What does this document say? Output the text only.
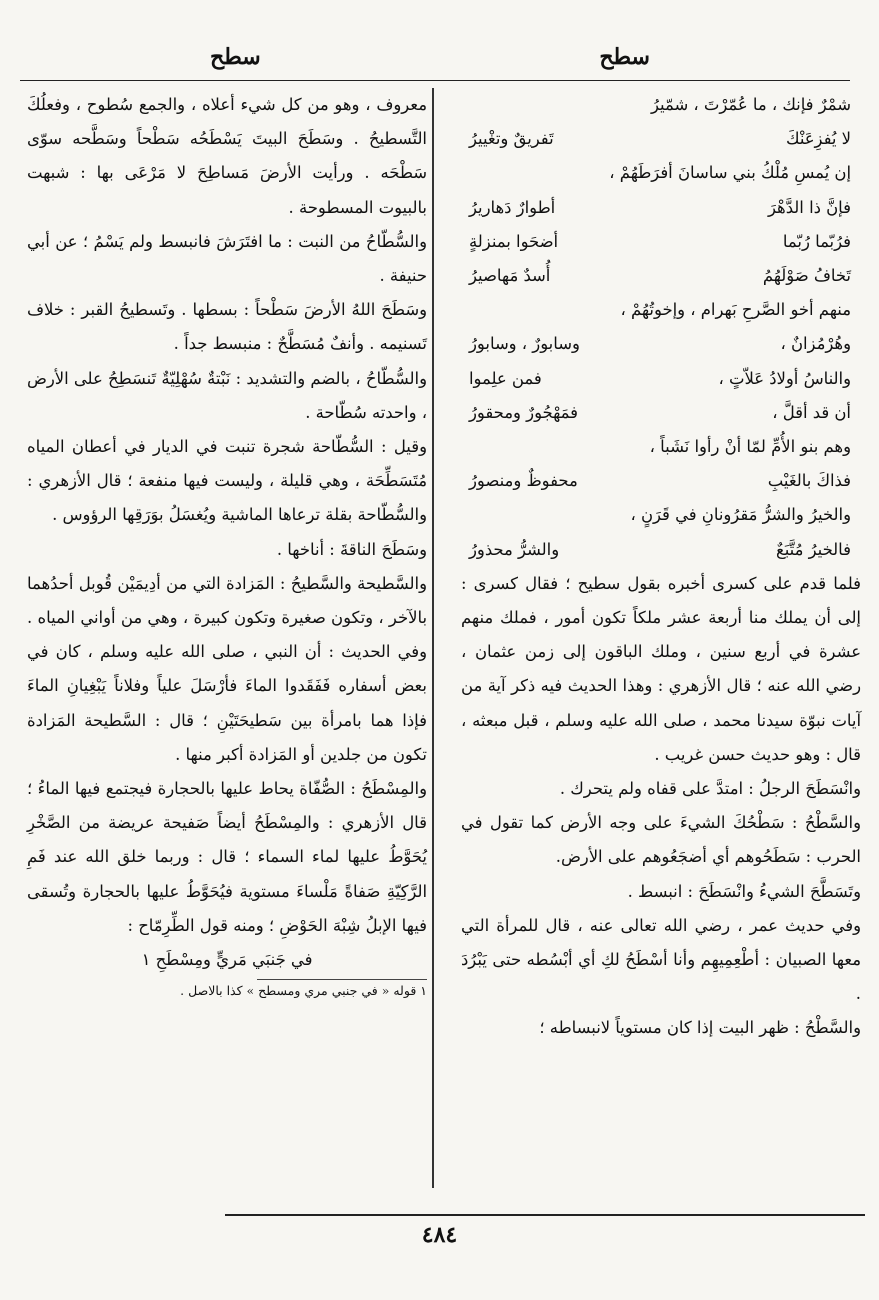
سطح
سطح
شمْرٌ فإنك ، ما عُمّرْتَ ، شمّيرُ
لا يُفزِعَنْكَ
تَفريقٌ وتغْييرُ
إن يُمسِ مُلْكُ بني ساسانَ أفرَطَهُمْ ،
فإنَّ ذا الدَّهْرَ
أطوارٌ دَهاريرُ
فرُبّما رُبّما
أضحَوا بمنزلةٍ
تَخافُ صَوْلَهُمُ
أُسدٌ مَهاصيرُ
منهم أخو الصَّرحِ بَهرام ، وإخوتُهُمْ ،
وهُرْمُزانٌ ،
وسابورٌ ، وسابورُ
والناسُ أولادُ عَلاّتٍ ،
فمن علِموا
أن قد أقلَّ ،
فمَهْجُورٌ ومحقورُ
وهم بنو الأُمِّ لمّا أنْ رأوا نَشَباً ،
فذاكَ بالغَيْبِ
محفوظٌ ومنصورُ
والخيرُ والشرُّ مَقرُونانِ في قَرَنٍ ،
فالخيرُ مُتَّبَعٌ
والشرُّ محذورُ

فلما قدم على كسرى أخبره بقول سطيح ؛ فقال كسرى : إلى أن يملك منا أربعة عشر ملكاً تكون أمور ، فملك منهم عشرة في أربع سنين ، وملك الباقون إلى زمن عثمان ، رضي الله عنه ؛ قال الأزهري : وهذا الحديث فيه ذكر آية من آيات نبوّة سيدنا محمد ، صلى الله عليه وسلم ، قبل مبعثه ، قال : وهو حديث حسن غريب .

وانْسَطَحَ الرجلُ : امتدَّ على قفاه ولم يتحرك .

والسَّطْحُ : سَطْحُكَ الشيءَ على وجه الأرض كما تقول في الحرب : سَطَحُوهم أي أضجَعُوهم على الأرض.

وتَسَطَّحَ الشيءُ وانْسَطَحَ : انبسط .

وفي حديث عمر ، رضي الله تعالى عنه ، قال للمرأة التي معها الصبيان : أطْعِمِيهِم وأنا أسْطَحُ لكِ أي أبْسُطه حتى يَبْرُدَ .

والسَّطْحُ : ظهر البيت إذا كان مستوياً لانبساطه ؛

معروف ، وهو من كل شيء أعلاه ، والجمع سُطوح ، وفعلُكَ التَّسطيحُ . وسَطَحَ البيتَ يَسْطَحُه سَطْحاً وسَطَّحه سوّى سَطْحَه . ورأيت الأرضَ مَساطِحَ لا مَرْعَى بها : شبهت بالبيوت المسطوحة .

والسُّطّاحُ من النبت : ما افتَرَشَ فانبسط ولم يَسْمُ ؛ عن أبي حنيفة .

وسَطَحَ اللهُ الأرضَ سَطْحاً : بسطها . وتَسطيحُ القبر : خلاف تَسنيمه . وأنفٌ مُسَطَّحٌ : منبسط جداً .

والسُّطّاحُ ، بالضم والتشديد : نَبْتةٌ سُهْلِيّةٌ تَنسَطِحُ على الأرض ، واحدته سُطّاحة .

وقيل : السُّطّاحة شجرة تنبت في الديار في أعطان المياه مُتَسَطِّحَة ، وهي قليلة ، وليست فيها منفعة ؛ قال الأزهري : والسُّطّاحة بقلة ترعاها الماشية ويُغسَلُ بوَرَقِها الرؤوس .

وسَطَحَ الناقةَ : أناخها .

والسَّطيحة والسَّطيحُ : المَزادة التي من أدِيمَيْن قُوبل أحدُهما بالآخر ، وتكون صغيرة وتكون كبيرة ، وهي من أواني المياه . وفي الحديث : أن النبي ، صلى الله عليه وسلم ، كان في بعض أسفاره فَفَقَدوا الماءَ فأرْسَلَ علياً وفلاناً يَبْغِيانِ الماءَ فإذا هما بامرأة بين سَطيحَتَيْنِ ؛ قال : السَّطيحة المَزادة تكون من جلدين أو المَزادة أكبر منها .

والمِسْطَحُ : الصُّفّاة يحاط عليها بالحجارة فيجتمع فيها الماءُ ؛ قال الأزهري : والمِسْطَحُ أيضاً صَفيحة عريضة من الصَّخْرِ يُحَوَّطُ عليها لماء السماء ؛ قال : وربما خلق الله عند فَمِ الرَّكِيّةِ صَفاةً مَلْساءَ مستوية فيُحَوَّطُ عليها بالحجارة وتُسقى فيها الإبلُ شِبْهَ الحَوْضِ ؛ ومنه قول الطِّرِمّاح :

في جَنبَي مَريٍّ ومِسْطَحِ ١

١ قوله « في جنبي مري ومسطح » كذا بالاصل .

٤٨٤
